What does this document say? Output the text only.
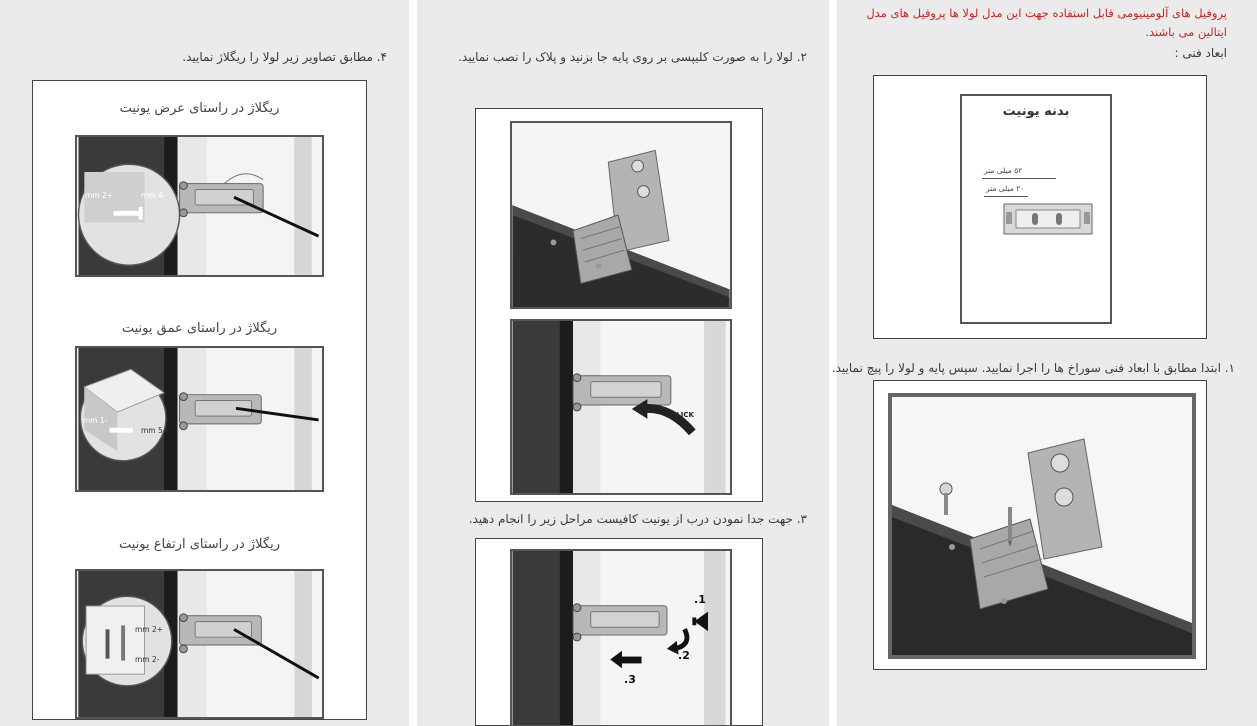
۴. مطابق تصاویر زیر لولا را ریگلاژ نمایید.
ریگلاژ در راستای عرض یونیت
+2 mm	-4 mm
ریگلاژ در راستای عمق یونیت
-1 mm
+5 mm
ریگلاژ در راستای ارتفاع یونیت
+2 mm
-2 mm
۲. لولا را به صورت کلیپسی بر روی پایه جا بزنید و پلاک را نصب نمایید.
CLICK!
۳. جهت جدا نمودن درب از یونیت کافیست مراحل زیر را انجام دهید.
1.
2.
3.
پروفیل های آلومینیومی قابل استفاده جهت این مدل لولا ها پروفیل های مدل ایتالین می باشند.
ابعاد فنی :
بدنه یونیت
۵۲ میلی متر
۲۰ میلی متر
۱. ابتدا مطابق با ابعاد فنی سوراخ ها را اجرا نمایید. سپس پایه و لولا را پیچ نمایید.
